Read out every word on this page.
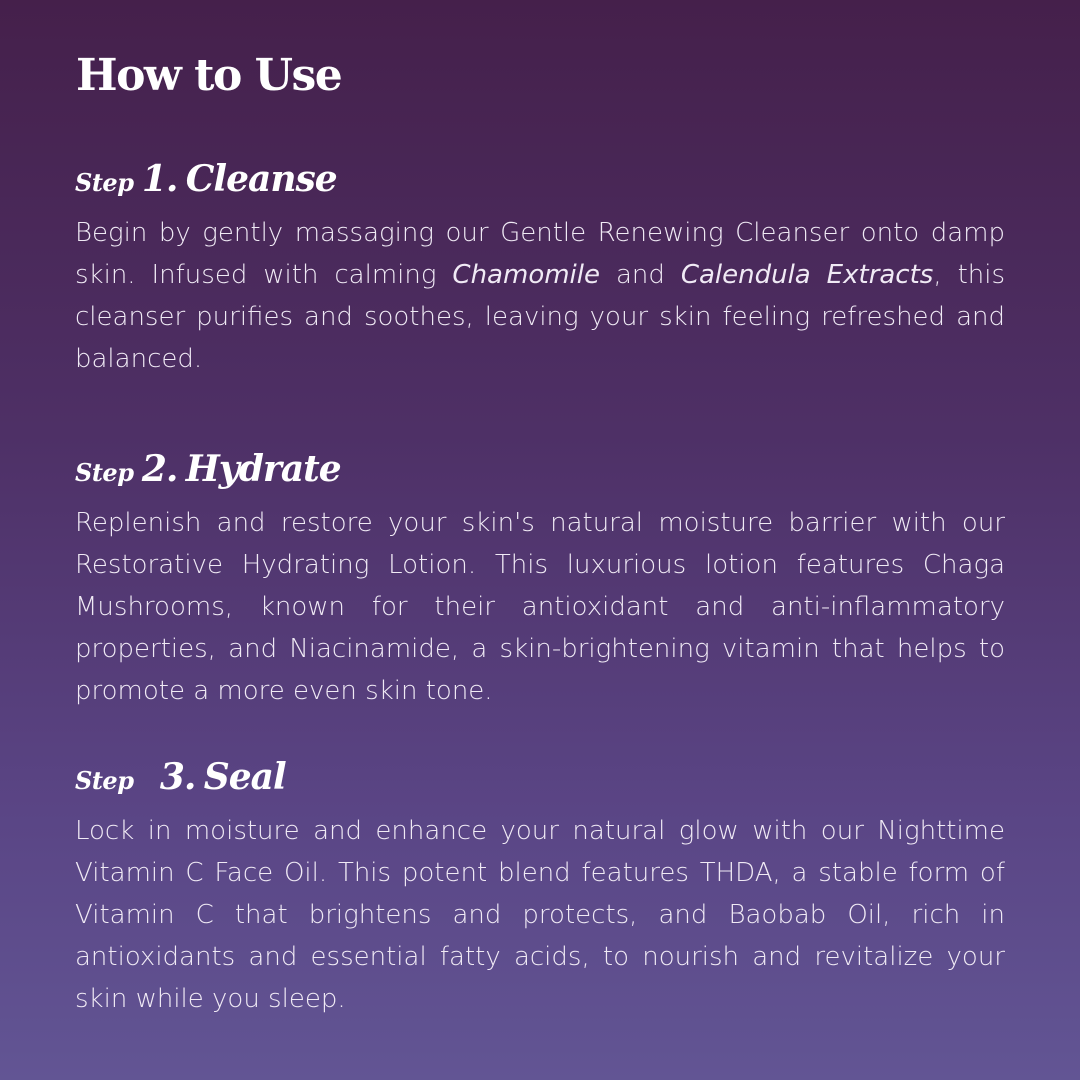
How to Use
Step 1. Cleanse

Begin by gently massaging our Gentle Renewing Cleanser onto damp skin. Infused with calming Chamomile and Calendula Extracts, this cleanser purifies and soothes, leaving your skin feeling refreshed and balanced.

Step 2. Hydrate

Replenish and restore your skin's natural moisture barrier with our Restorative Hydrating Lotion. This luxurious lotion features Chaga Mushrooms, known for their antioxidant and anti-inflammatory properties, and Niacinamide, a skin-brightening vitamin that helps to promote a more even skin tone.

Step 3. Seal

Lock in moisture and enhance your natural glow with our Nighttime Vitamin C Face Oil. This potent blend features THDA, a stable form of Vitamin C that brightens and protects, and Baobab Oil, rich in antioxidants and essential fatty acids, to nourish and revitalize your skin while you sleep.
